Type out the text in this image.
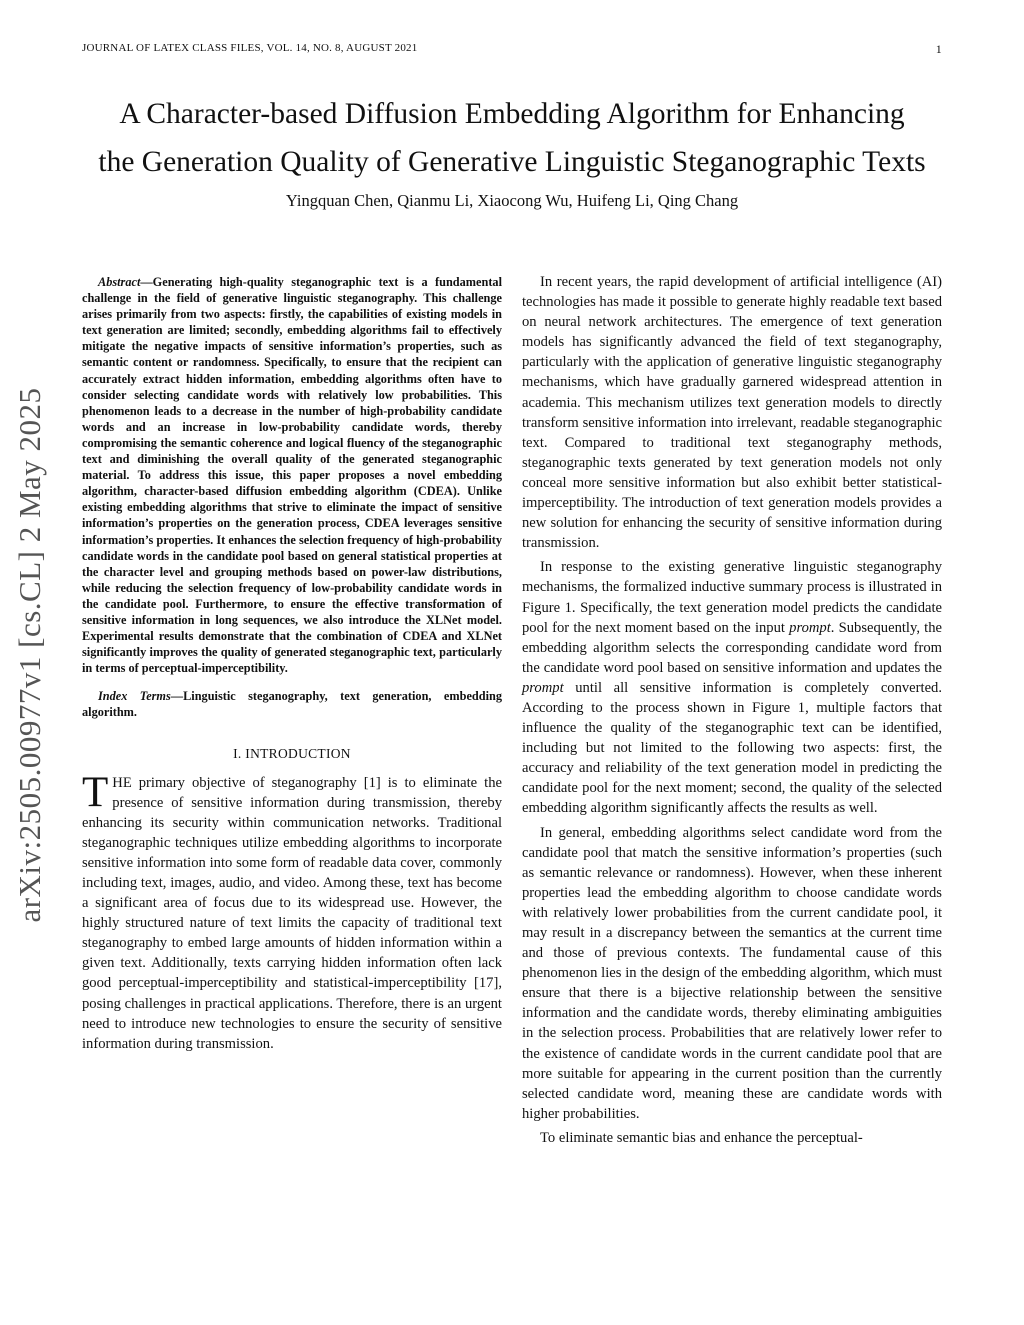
JOURNAL OF LATEX CLASS FILES, VOL. 14, NO. 8, AUGUST 2021	1
A Character-based Diffusion Embedding Algorithm for Enhancing
the Generation Quality of Generative Linguistic Steganographic Texts
Yingquan Chen, Qianmu Li, Xiaocong Wu, Huifeng Li, Qing Chang
arXiv:2505.00977v1 [cs.CL] 2 May 2025

Abstract—Generating high-quality steganographic text is a fundamental challenge in the field of generative linguistic steganography. This challenge arises primarily from two aspects: firstly, the capabilities of existing models in text generation are limited; secondly, embedding algorithms fail to effectively mitigate the negative impacts of sensitive information’s properties, such as semantic content or randomness. Specifically, to ensure that the recipient can accurately extract hidden information, embedding algorithms often have to consider selecting candidate words with relatively low probabilities. This phenomenon leads to a decrease in the number of high-probability candidate words and an increase in low-probability candidate words, thereby compromising the semantic coherence and logical fluency of the steganographic text and diminishing the overall quality of the generated steganographic material. To address this issue, this paper proposes a novel embedding algorithm, character-based diffusion embedding algorithm (CDEA). Unlike existing embedding algorithms that strive to eliminate the impact of sensitive information’s properties on the generation process, CDEA leverages sensitive information’s properties. It enhances the selection frequency of high-probability candidate words in the candidate pool based on general statistical properties at the character level and grouping methods based on power-law distributions, while reducing the selection frequency of low-probability candidate words in the candidate pool. Furthermore, to ensure the effective transformation of sensitive information in long sequences, we also introduce the XLNet model. Experimental results demonstrate that the combination of CDEA and XLNet significantly improves the quality of generated steganographic text, particularly in terms of perceptual-imperceptibility.

Index Terms—Linguistic steganography, text generation, embedding algorithm.

I. INTRODUCTION

THE primary objective of steganography [1] is to eliminate the presence of sensitive information during transmission, thereby enhancing its security within communication networks. Traditional steganographic techniques utilize embedding algorithms to incorporate sensitive information into some form of readable data cover, commonly including text, images, audio, and video. Among these, text has become a significant area of focus due to its widespread use. However, the highly structured nature of text limits the capacity of traditional text steganography to embed large amounts of hidden information within a given text. Additionally, texts carrying hidden information often lack good perceptual-imperceptibility and statistical-imperceptibility [17], posing challenges in practical applications. Therefore, there is an urgent need to introduce new technologies to ensure the security of sensitive information during transmission.

In recent years, the rapid development of artificial intelligence (AI) technologies has made it possible to generate highly readable text based on neural network architectures. The emergence of text generation models has significantly advanced the field of text steganography, particularly with the application of generative linguistic steganography mechanisms, which have gradually garnered widespread attention in academia. This mechanism utilizes text generation models to directly transform sensitive information into irrelevant, readable steganographic text. Compared to traditional text steganography methods, steganographic texts generated by text generation models not only conceal more sensitive information but also exhibit better statistical-imperceptibility. The introduction of text generation models provides a new solution for enhancing the security of sensitive information during transmission.

In response to the existing generative linguistic steganography mechanisms, the formalized inductive summary process is illustrated in Figure 1. Specifically, the text generation model predicts the candidate pool for the next moment based on the input prompt. Subsequently, the embedding algorithm selects the corresponding candidate word from the candidate word pool based on sensitive information and updates the prompt until all sensitive information is completely converted. According to the process shown in Figure 1, multiple factors that influence the quality of the steganographic text can be identified, including but not limited to the following two aspects: first, the accuracy and reliability of the text generation model in predicting the candidate pool for the next moment; second, the quality of the selected embedding algorithm significantly affects the results as well.

In general, embedding algorithms select candidate word from the candidate pool that match the sensitive information’s properties (such as semantic relevance or randomness). However, when these inherent properties lead the embedding algorithm to choose candidate words with relatively lower probabilities from the current candidate pool, it may result in a discrepancy between the semantics at the current time and those of previous contexts. The fundamental cause of this phenomenon lies in the design of the embedding algorithm, which must ensure that there is a bijective relationship between the sensitive information and the candidate words, thereby eliminating ambiguities in the selection process. Probabilities that are relatively lower refer to the existence of candidate words in the current candidate pool that are more suitable for appearing in the current position than the currently selected candidate word, meaning these are candidate words with higher probabilities.

To eliminate semantic bias and enhance the perceptual-
